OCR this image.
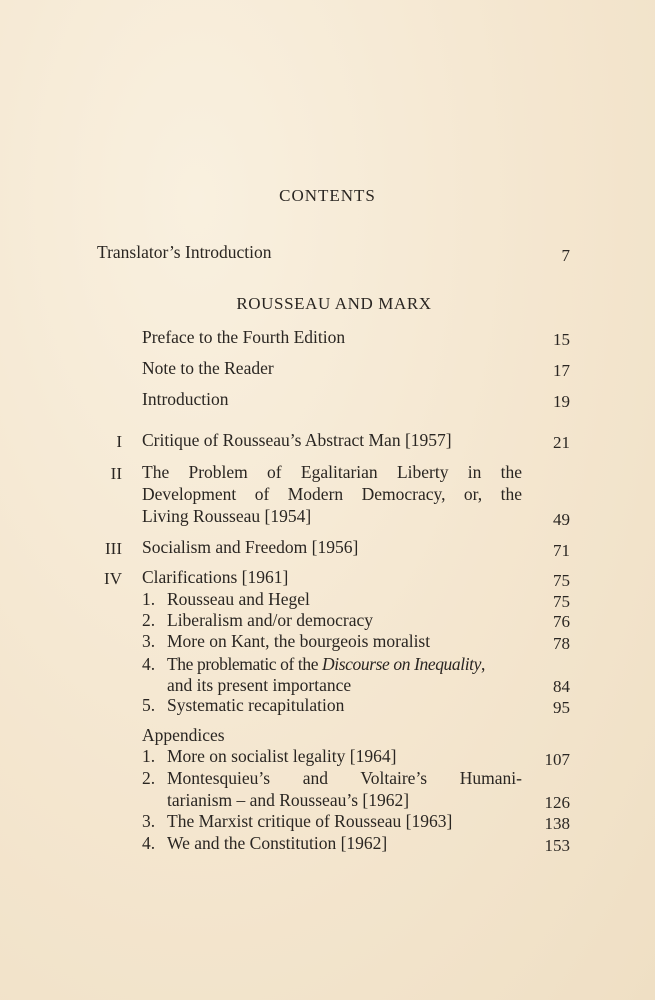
CONTENTS
Translator’s Introduction	7
ROUSSEAU AND MARX
Preface to the Fourth Edition	15
Note to the Reader	17
Introduction	19
I Critique of Rousseau’s Abstract Man [1957]	21
II The Problem of Egalitarian Liberty in the
Development of Modern Democracy, or, the
Living Rousseau [1954]	49
III Socialism and Freedom [1956]	71
IV Clarifications [1961]	75
1. Rousseau and Hegel	75
2. Liberalism and/or democracy	76
3. More on Kant, the bourgeois moralist	78
4. The problematic of the Discourse on Inequality,
and its present importance	84
5. Systematic recapitulation	95
Appendices
1. More on socialist legality [1964]	107
2. Montesquieu’s and Voltaire’s Humani-
tarianism – and Rousseau’s [1962]	126
3. The Marxist critique of Rousseau [1963]	138
4. We and the Constitution [1962]	153
